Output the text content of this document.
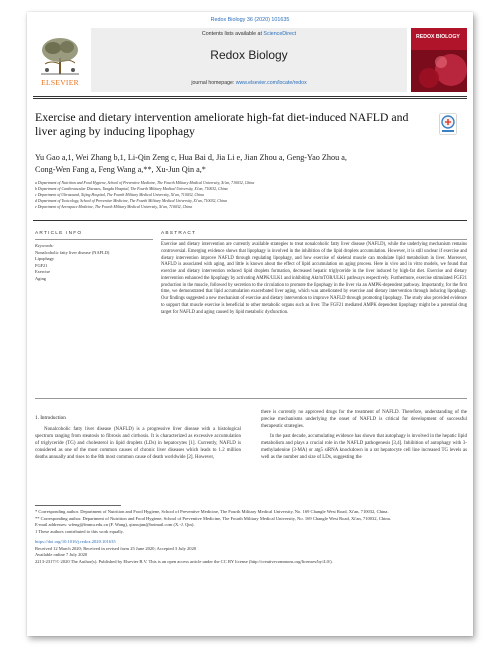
Redox Biology 36 (2020) 101635
ELSEVIER
Contents lists available at ScienceDirect
Redox Biology
journal homepage: www.elsevier.com/locate/redox
REDOX BIOLOGY
Exercise and dietary intervention ameliorate high-fat diet-induced NAFLD and liver aging by inducing lipophagy
Yu Gao a,1, Wei Zhang b,1, Li-Qin Zeng c, Hua Bai d, Jia Li e, Jian Zhou a, Geng-Yao Zhou a,
Cong-Wen Fang a, Feng Wang a,**, Xu-Jun Qin a,*
a Department of Nutrition and Food Hygiene, School of Preventive Medicine, The Fourth Military Medical University, Xi'an, 710032, China
b Department of Cardiovascular Diseases, Tangdu Hospital, The Fourth Military Medical University, Xi'an, 710032, China
c Department of Ultrasound, Xijing Hospital, The Fourth Military Medical University, Xi'an, 710032, China
d Department of Toxicology, School of Preventive Medicine, The Fourth Military Medical University, Xi'an, 710032, China
e Department of Aerospace Medicine, The Fourth Military Medical University, Xi'an, 710032, China
ARTICLE INFO	ABSTRACT
Keywords:
Nonalcoholic fatty liver disease (NAFLD)
Lipophagy
FGF21
Exercise
Aging
Exercise and dietary intervention are currently available strategies to treat nonalcoholic fatty liver disease (NAFLD), while the underlying mechanism remains controversial. Emerging evidence shows that lipophagy is involved in the inhibition of the lipid droplets accumulation. However, it is still unclear if exercise and dietary intervention improve NAFLD through regulating lipophagy, and how exercise of skeletal muscle can modulate lipid metabolism in liver. Moreover, NAFLD is associated with aging, and little is known about the effect of lipid accumulation on aging process. Here in vivo and in vitro models, we found that exercise and dietary intervention reduced lipid droplets formation, decreased hepatic triglyceride in the liver induced by high-fat diet. Exercise and dietary intervention enhanced the lipophagy by activating AMPK/ULK1 and inhibiting Akt/mTOR/ULK1 pathways respectively. Furthermore, exercise stimulated FGF21 production in the muscle, followed by secretion to the circulation to promote the lipophagy in the liver via an AMPK-dependent pathway. Importantly, for the first time, we demonstrated that lipid accumulation exacerbated liver aging, which was ameliorated by exercise and dietary intervention through inducing lipophagy. Our findings suggested a new mechanism of exercise and dietary intervention to improve NAFLD through promoting lipophagy. The study also provided evidence to support that muscle exercise is beneficial to other metabolic organs such as liver. The FGF21 mediated AMPK dependent lipophagy might be a potential drug target for NAFLD and aging caused by lipid metabolic dysfunction.
1. Introduction
Nonalcoholic fatty liver disease (NAFLD) is a progressive liver disease with a histological spectrum ranging from steatosis to fibrosis and cirrhosis. It is characterized as excessive accumulation of triglyceride (TG) and cholesterol in lipid droplets (LDs) in hepatocytes [1]. Currently, NAFLD is considered as one of the most common causes of chronic liver diseases which leads to 1.2 million deaths annually and rises to the 8th most common cause of death worldwide [2]. However,
there is currently no approved drugs for the treatment of NAFLD. Therefore, understanding of the precise mechanisms underlying the onset of NAFLD is critical for development of successful therapeutic strategies.
In the past decade, accumulating evidence has shown that autophagy is involved in the hepatic lipid metabolism and plays a crucial role in the NAFLD pathogenesis [3,4]. Inhibition of autophagy with 3-methyladenine (3-MA) or atg5 siRNA knockdown in a rat hepatocyte cell line increased TG levels as well as the number and size of LDs, suggesting the
* Corresponding author. Department of Nutrition and Food Hygiene, School of Preventive Medicine, The Fourth Military Medical University, No. 169 Changle West Road, Xi'an, 710032, China.
** Corresponding author. Department of Nutrition and Food Hygiene, School of Preventive Medicine, The Fourth Military Medical University, No. 169 Changle West Road, Xi'an, 710032, China.
E-mail addresses: wfeng@fmmu.edu.cn (F. Wang), qinxujun@hotmail.com (X.-J. Qin).
1 These authors contributed to this work equally.
https://doi.org/10.1016/j.redox.2020.101635
Received 12 March 2020; Received in revised form 25 June 2020; Accepted 3 July 2020
Available online 7 July 2020
2213-2317/© 2020 The Author(s). Published by Elsevier B.V. This is an open access article under the CC BY license (http://creativecommons.org/licenses/by/4.0/).
